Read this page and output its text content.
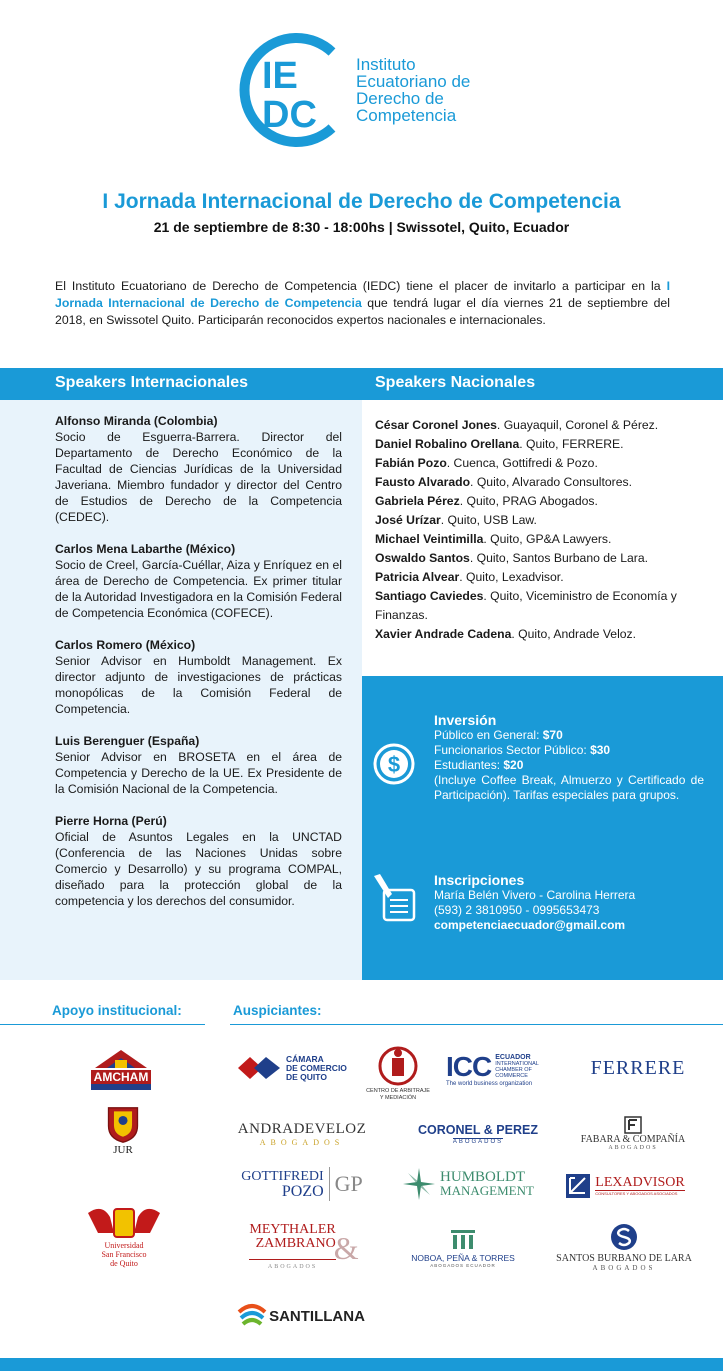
IE
DC
Instituto
Ecuatoriano de
Derecho de
Competencia
I Jornada Internacional de Derecho de Competencia
21 de septiembre de 8:30 - 18:00hs | Swissotel, Quito, Ecuador

El Instituto Ecuatoriano de Derecho de Competencia (IEDC) tiene el placer de invitarlo a participar en la I Jornada Internacional de Derecho de Competencia que tendrá lugar el día viernes 21 de septiembre del 2018, en Swissotel Quito. Participarán reconocidos expertos nacionales e internacionales.

Speakers Internacionales	Speakers Nacionales
Alfonso Miranda (Colombia)
Socio de Esguerra-Barrera. Director del Departamento de Derecho Económico de la Facultad de Ciencias Jurídicas de la Universidad Javeriana. Miembro fundador y director del Centro de Estudios de Derecho de la Competencia (CEDEC).
Carlos Mena Labarthe (México)
Socio de Creel, García-Cuéllar, Aiza y Enríquez en el área de Derecho de Competencia. Ex primer titular de la Autoridad Investigadora en la Comisión Federal de Competencia Económica (COFECE).
Carlos Romero (México)
Senior Advisor en Humboldt Management. Ex director adjunto de investigaciones de prácticas monopólicas de la Comisión Federal de Competencia.
Luis Berenguer (España)
Senior Advisor en BROSETA en el área de Competencia y Derecho de la UE. Ex Presidente de la Comisión Nacional de la Competencia.
Pierre Horna (Perú)
Oficial de Asuntos Legales en la UNCTAD (Conferencia de las Naciones Unidas sobre Comercio y Desarrollo) y su programa COMPAL, diseñado para la protección global de la competencia y los derechos del consumidor.
César Coronel Jones. Guayaquil, Coronel & Pérez.
Daniel Robalino Orellana. Quito, FERRERE.
Fabián Pozo. Cuenca, Gottifredi & Pozo.
Fausto Alvarado. Quito, Alvarado Consultores.
Gabriela Pérez. Quito, PRAG Abogados.
José Urízar. Quito, USB Law.
Michael Veintimilla. Quito, GP&A Lawyers.
Oswaldo Santos. Quito, Santos Burbano de Lara.
Patricia Alvear. Quito, Lexadvisor.
Santiago Caviedes. Quito, Viceministro de Economía y Finanzas.
Xavier Andrade Cadena. Quito, Andrade Veloz.
$
Inversión
Público en General: $70
Funcionarios Sector Público: $30
Estudiantes: $20
(Incluye Coffee Break, Almuerzo y Certificado de Participación). Tarifas especiales para grupos.
Inscripciones
María Belén Vivero - Carolina Herrera
(593) 2 3810950 - 0995653473
competenciaecuador@gmail.com
Apoyo institucional:	Auspiciantes:
AMCHAM
JUR
Universidad
San Francisco
de Quito
CÁMARA
DE COMERCIO
DE QUITO
CENTRO DE ARBITRAJE
Y MEDIACIÓN
ICC ECUADOR
INTERNATIONAL CHAMBER OF COMMERCE
The world business organization
FERRERE
ANDRADEVELOZ
ABOGADOS
CORONEL & PEREZ
ABOGADOS	FABARA & COMPAÑÍA
ABOGADOS
GOTTIFREDI
POZO GP	HUMBOLDT
MANAGEMENT
LEXADVISOR
CONSULTORES Y ABOGADOS ASOCIADOS
MEYTHALER
ZAMBRANO
ABOGADOS
&	NOBOA, PEÑA & TORRES
ABOGADOS ECUADOR
SANTOS BURBANO DE LARA
ABOGADOS
SANTILLANA
